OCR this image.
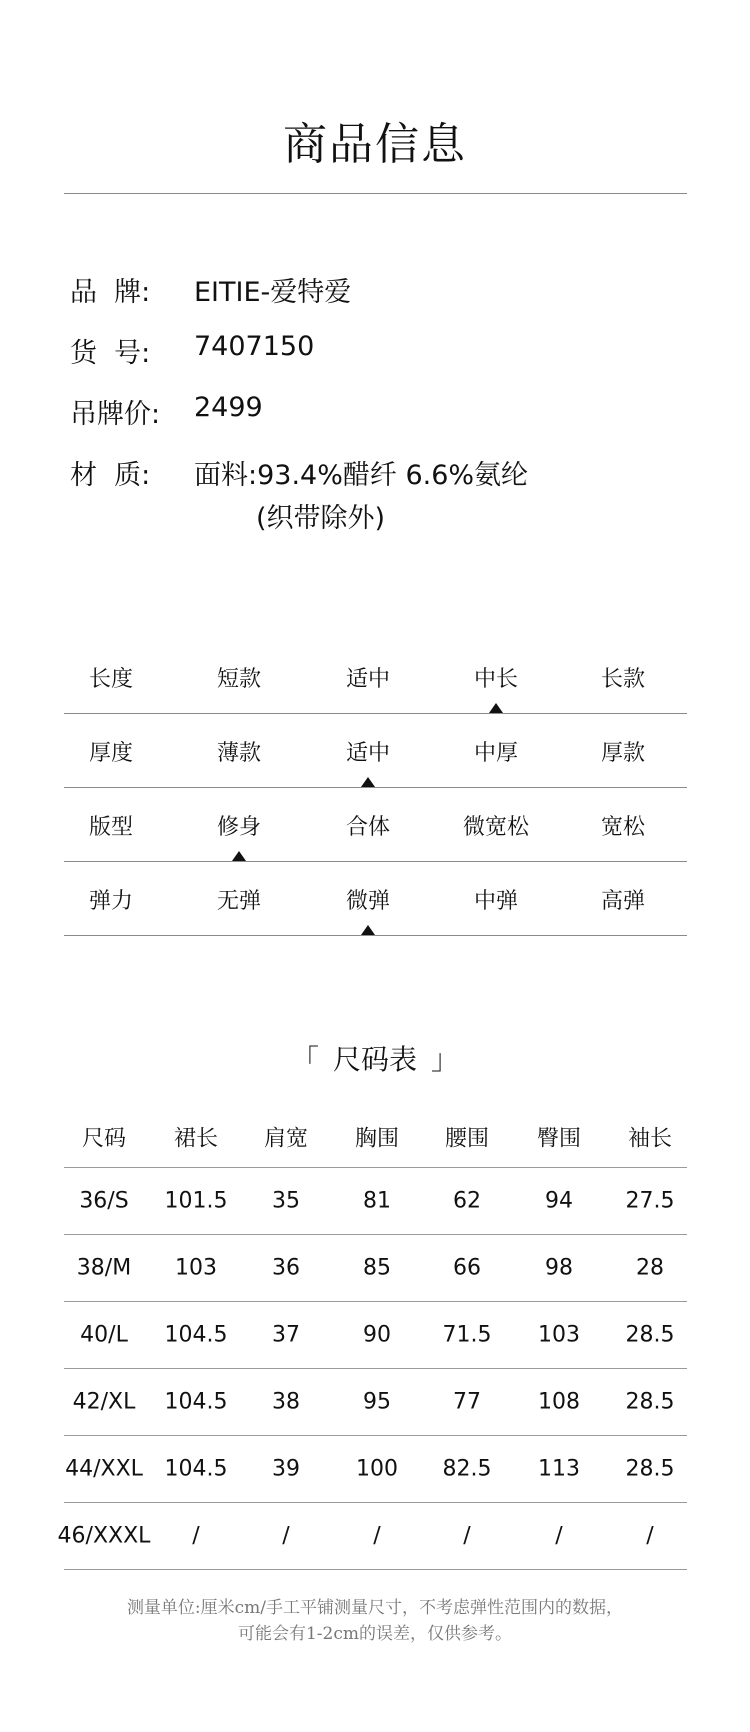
商品信息
品  牌:	EITIE-爱特爱
货  号:	7407150
吊牌价:	2499
材  质:	面料:93.4%醋纤 6.6%氨纶
(织带除外)
长度	短款	适中	中长	长款
厚度	薄款	适中	中厚	厚款
版型	修身	合体	微宽松	宽松
弹力	无弹	微弹	中弹	高弹
「 尺码表 」
尺码 裙长 肩宽 胸围 腰围 臀围 袖长
36/S 101.5 35	81	62	94 27.5
38/M 103	36	85	66	98	28
40/L 104.5 37	90 71.5 103 28.5
42/XL 104.5 38	95	77	108 28.5
44/XXL 104.5 39	100 82.5 113 28.5
46/XXXL /	/	/	/	/	/
测量单位:厘米cm/手工平铺测量尺寸，不考虑弹性范围内的数据，
可能会有1-2cm的误差，仅供参考。
